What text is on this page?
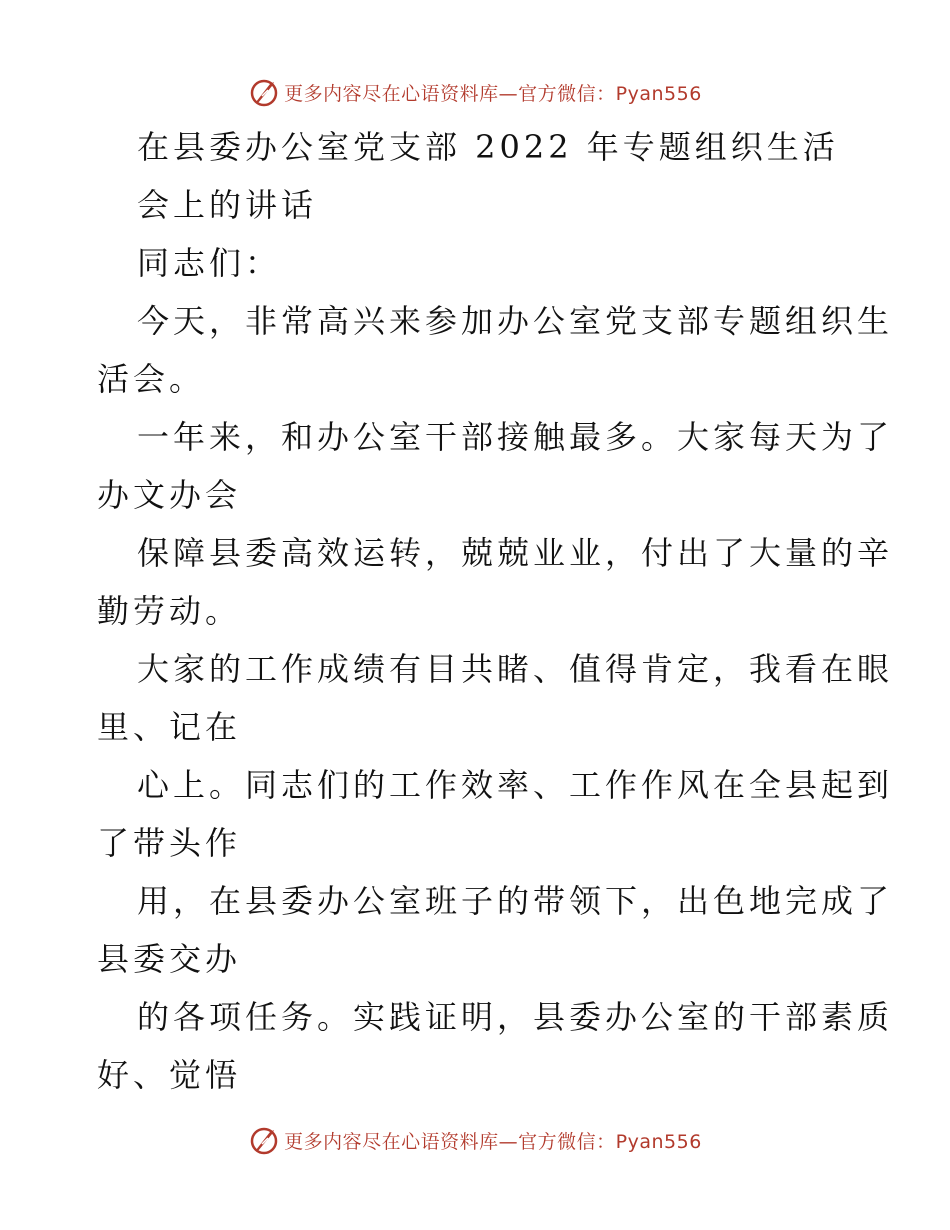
更多内容尽在心语资料库—官方微信：Pyan556
在县委办公室党支部 2022 年专题组织生活
会上的讲话
同志们：
今天，非常高兴来参加办公室党支部专题组织生
活会。
一年来，和办公室干部接触最多。大家每天为了
办文办会
保障县委高效运转，兢兢业业，付出了大量的辛
勤劳动。
大家的工作成绩有目共睹、值得肯定，我看在眼
里、记在
心上。同志们的工作效率、工作作风在全县起到
了带头作
用，在县委办公室班子的带领下，出色地完成了
县委交办
的各项任务。实践证明，县委办公室的干部素质
好、觉悟
更多内容尽在心语资料库—官方微信：Pyan556
